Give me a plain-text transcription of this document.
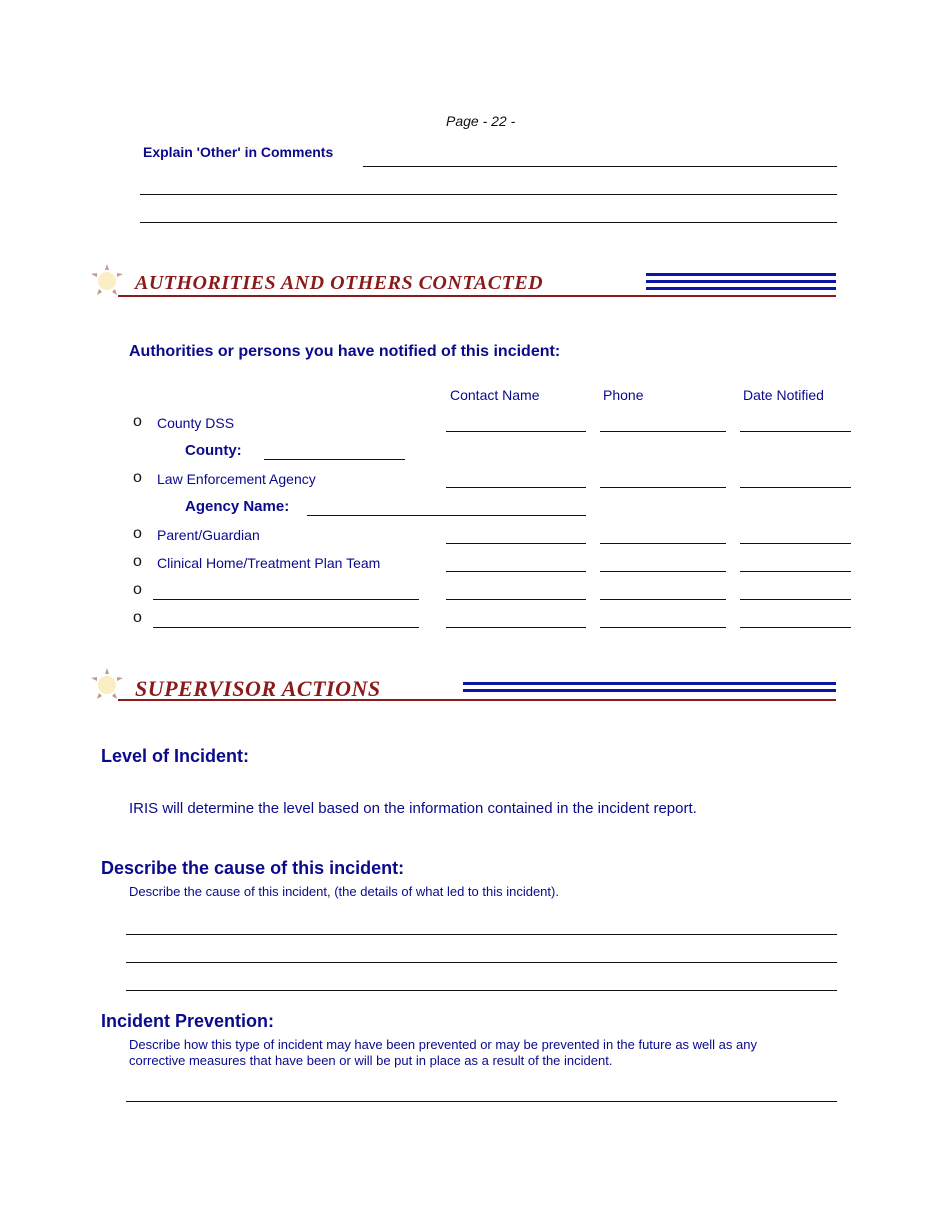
Page - 22 -
Explain 'Other' in Comments
AUTHORITIES AND OTHERS CONTACTED
Authorities or persons you have notified of this incident:
Contact Name	Phone	Date Notified
o County DSS
County:
o Law Enforcement Agency
Agency Name:
o Parent/Guardian
o Clinical Home/Treatment Plan Team
o
o
SUPERVISOR ACTIONS
Level of Incident:
IRIS will determine the level based on the information contained in the incident report.
Describe the cause of this incident:
Describe the cause of this incident, (the details of what led to this incident).
Incident Prevention:
Describe how this type of incident may have been prevented or may be prevented in the future as well as any
corrective measures that have been or will be put in place as a result of the incident.
